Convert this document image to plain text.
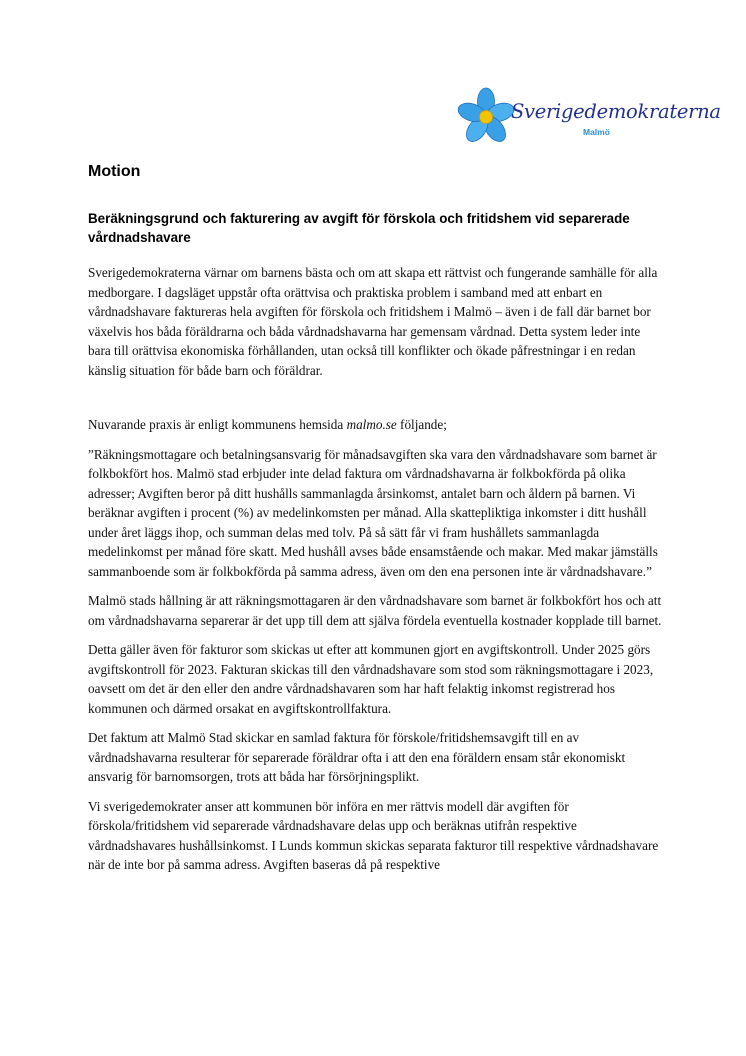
Sverigedemokraterna
Malmö
Motion
Beräkningsgrund och fakturering av avgift för förskola och fritidshem vid separerade vårdnadshavare

Sverigedemokraterna värnar om barnens bästa och om att skapa ett rättvist och fungerande samhälle för alla medborgare. I dagsläget uppstår ofta orättvisa och praktiska problem i samband med att enbart en vårdnadshavare faktureras hela avgiften för förskola och fritidshem i Malmö – även i de fall där barnet bor växelvis hos båda föräldrarna och båda vårdnadshavarna har gemensam vårdnad. Detta system leder inte bara till orättvisa ekonomiska förhållanden, utan också till konflikter och ökade påfrestningar i en redan känslig situation för både barn och föräldrar.

Nuvarande praxis är enligt kommunens hemsida malmo.se följande;

”Räkningsmottagare och betalningsansvarig för månadsavgiften ska vara den vårdnadshavare som barnet är folkbokfört hos. Malmö stad erbjuder inte delad faktura om vårdnadshavarna är folkbokförda på olika adresser; Avgiften beror på ditt hushålls sammanlagda årsinkomst, antalet barn och åldern på barnen. Vi beräknar avgiften i procent (%) av medelinkomsten per månad. Alla skattepliktiga inkomster i ditt hushåll under året läggs ihop, och summan delas med tolv. På så sätt får vi fram hushållets sammanlagda medelinkomst per månad före skatt. Med hushåll avses både ensamstående och makar. Med makar jämställs sammanboende som är folkbokförda på samma adress, även om den ena personen inte är vårdnadshavare.”

Malmö stads hållning är att räkningsmottagaren är den vårdnadshavare som barnet är folkbokfört hos och att om vårdnadshavarna separerar är det upp till dem att själva fördela eventuella kostnader kopplade till barnet.

Detta gäller även för fakturor som skickas ut efter att kommunen gjort en avgiftskontroll. Under 2025 görs avgiftskontroll för 2023. Fakturan skickas till den vårdnadshavare som stod som räkningsmottagare i 2023, oavsett om det är den eller den andre vårdnadshavaren som har haft felaktig inkomst registrerad hos kommunen och därmed orsakat en avgiftskontrollfaktura.

Det faktum att Malmö Stad skickar en samlad faktura för förskole/fritidshemsavgift till en av vårdnadshavarna resulterar för separerade föräldrar ofta i att den ena föräldern ensam står ekonomiskt ansvarig för barnomsorgen, trots att båda har försörjningsplikt.

Vi sverigedemokrater anser att kommunen bör införa en mer rättvis modell där avgiften för förskola/fritidshem vid separerade vårdnadshavare delas upp och beräknas utifrån respektive vårdnadshavares hushållsinkomst. I Lunds kommun skickas separata fakturor till respektive vårdnadshavare när de inte bor på samma adress. Avgiften baseras då på respektive
